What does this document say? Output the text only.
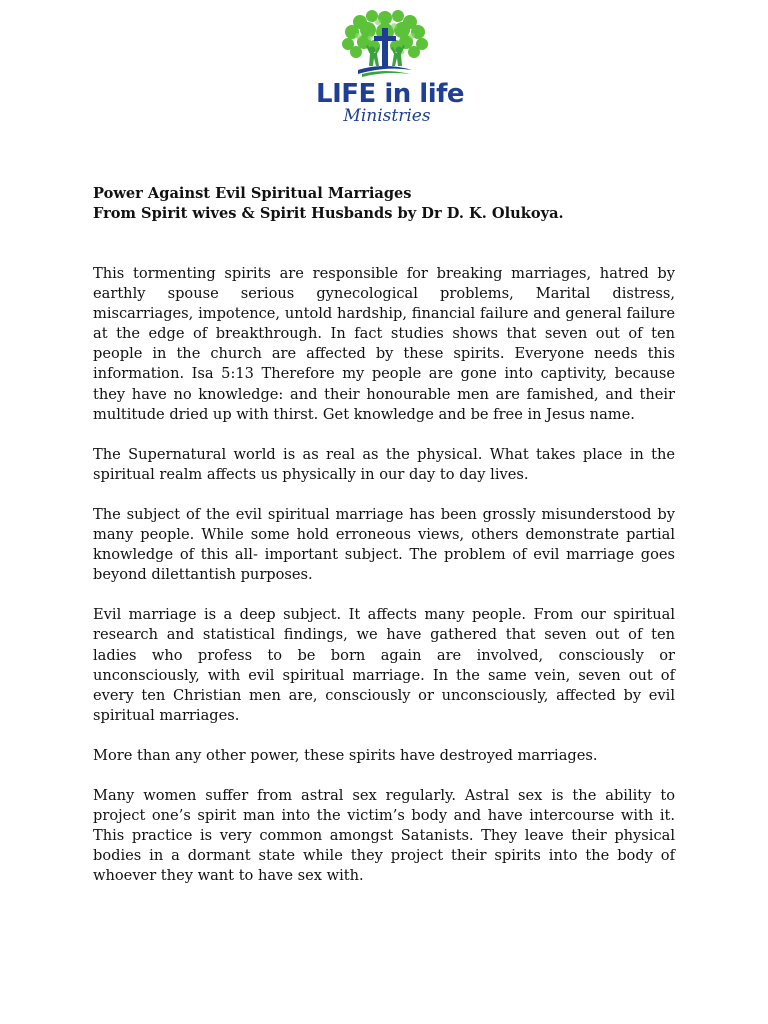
LIFE in life
Ministries
Power Against Evil Spiritual Marriages
From Spirit wives & Spirit Husbands by Dr D. K. Olukoya.

This tormenting spirits are responsible for breaking marriages, hatred by earthly spouse serious gynecological problems, Marital distress, miscarriages, impotence, untold hardship, financial failure and general failure at the edge of breakthrough. In fact studies shows that seven out of ten people in the church are affected by these spirits. Everyone needs this information. Isa 5:13 Therefore my people are gone into captivity, because they have no knowledge: and their honourable men are famished, and their multitude dried up with thirst. Get knowledge and be free in Jesus name.

The Supernatural world is as real as the physical. What takes place in the spiritual realm affects us physically in our day to day lives.

The subject of the evil spiritual marriage has been grossly misunderstood by many people. While some hold erroneous views, others demonstrate partial knowledge of this all- important subject. The problem of evil marriage goes beyond dilettantish purposes.

Evil marriage is a deep subject. It affects many people. From our spiritual research and statistical findings, we have gathered that seven out of ten ladies who profess to be born again are involved, consciously or unconsciously, with evil spiritual marriage. In the same vein, seven out of every ten Christian men are, consciously or unconsciously, affected by evil spiritual marriages.

More than any other power, these spirits have destroyed marriages.

Many women suffer from astral sex regularly. Astral sex is the ability to project one’s spirit man into the victim’s body and have intercourse with it. This practice is very common amongst Satanists. They leave their physical bodies in a dormant state while they project their spirits into the body of whoever they want to have sex with.
